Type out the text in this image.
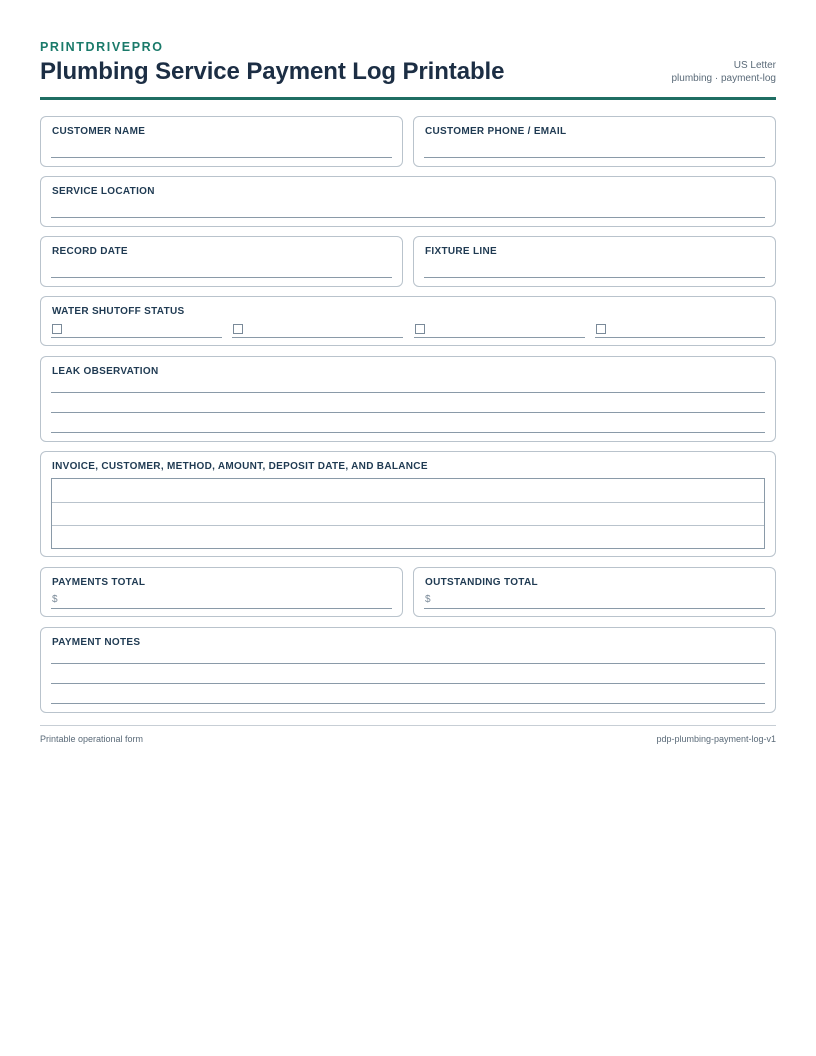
PRINTDRIVEPRO
Plumbing Service Payment Log Printable	US Letter
plumbing · payment-log
CUSTOMER NAME	CUSTOMER PHONE / EMAIL
SERVICE LOCATION
RECORD DATE	FIXTURE LINE
WATER SHUTOFF STATUS
LEAK OBSERVATION
INVOICE, CUSTOMER, METHOD, AMOUNT, DEPOSIT DATE, AND BALANCE
PAYMENTS TOTAL
$
OUTSTANDING TOTAL
$
PAYMENT NOTES
Printable operational form	pdp-plumbing-payment-log-v1
